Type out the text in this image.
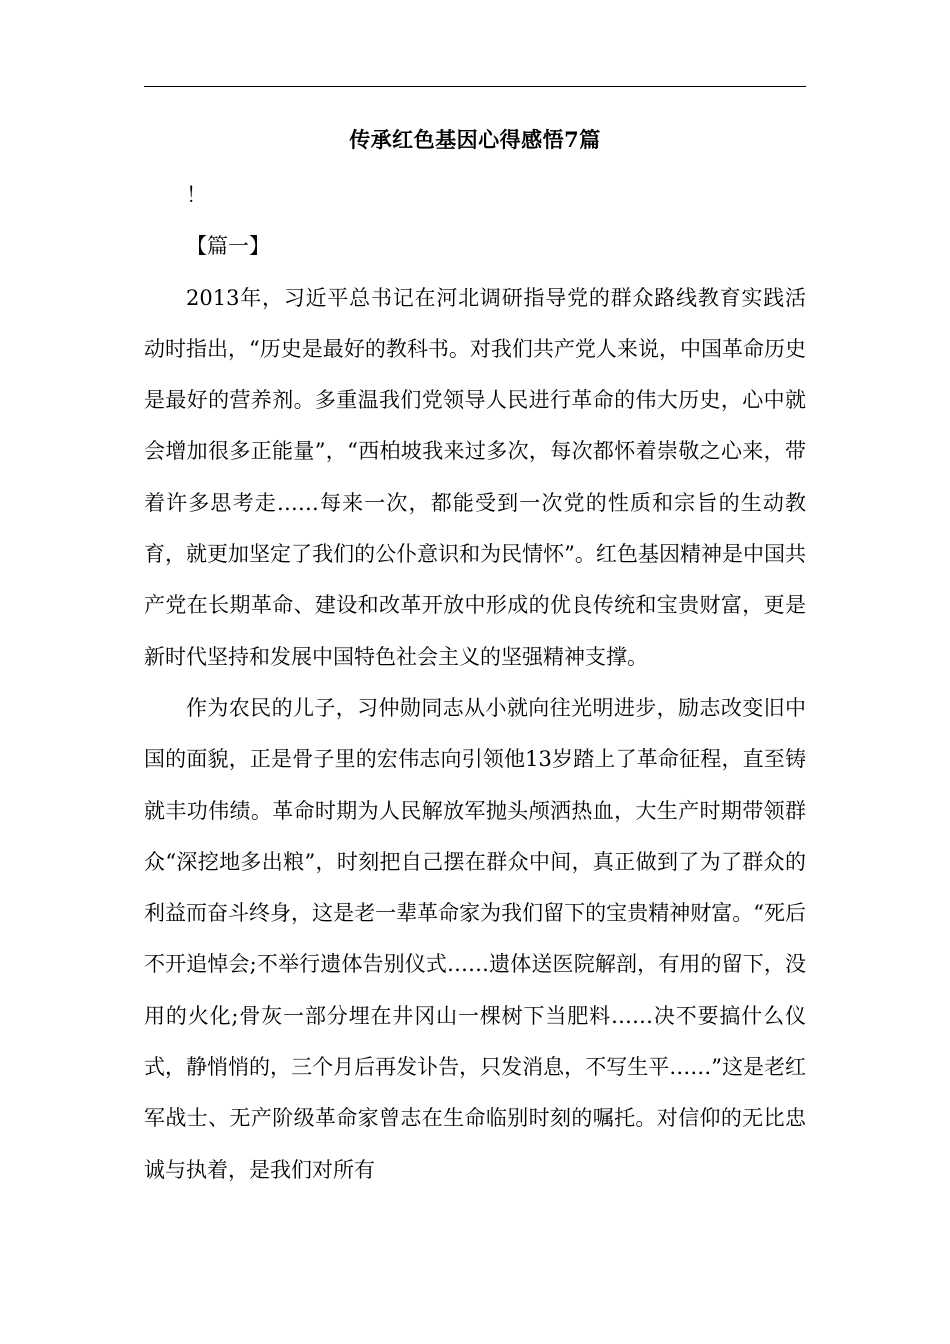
传承红色基因心得感悟7篇

！

【篇一】

2013年，习近平总书记在河北调研指导党的群众路线教育实践活动时指出，“历史是最好的教科书。对我们共产党人来说，中国革命历史是最好的营养剂。多重温我们党领导人民进行革命的伟大历史，心中就会增加很多正能量”，“西柏坡我来过多次，每次都怀着崇敬之心来，带着许多思考走……每来一次，都能受到一次党的性质和宗旨的生动教育，就更加坚定了我们的公仆意识和为民情怀”。红色基因精神是中国共产党在长期革命、建设和改革开放中形成的优良传统和宝贵财富，更是新时代坚持和发展中国特色社会主义的坚强精神支撑。

作为农民的儿子，习仲勋同志从小就向往光明进步，励志改变旧中国的面貌，正是骨子里的宏伟志向引领他13岁踏上了革命征程，直至铸就丰功伟绩。革命时期为人民解放军抛头颅洒热血，大生产时期带领群众“深挖地多出粮”，时刻把自己摆在群众中间，真正做到了为了群众的利益而奋斗终身，这是老一辈革命家为我们留下的宝贵精神财富。“死后不开追悼会;不举行遗体告别仪式……遗体送医院解剖，有用的留下，没用的火化;骨灰一部分埋在井冈山一棵树下当肥料……决不要搞什么仪式，静悄悄的，三个月后再发讣告，只发消息，不写生平……”这是老红军战士、无产阶级革命家曾志在生命临别时刻的嘱托。对信仰的无比忠诚与执着，是我们对所有
